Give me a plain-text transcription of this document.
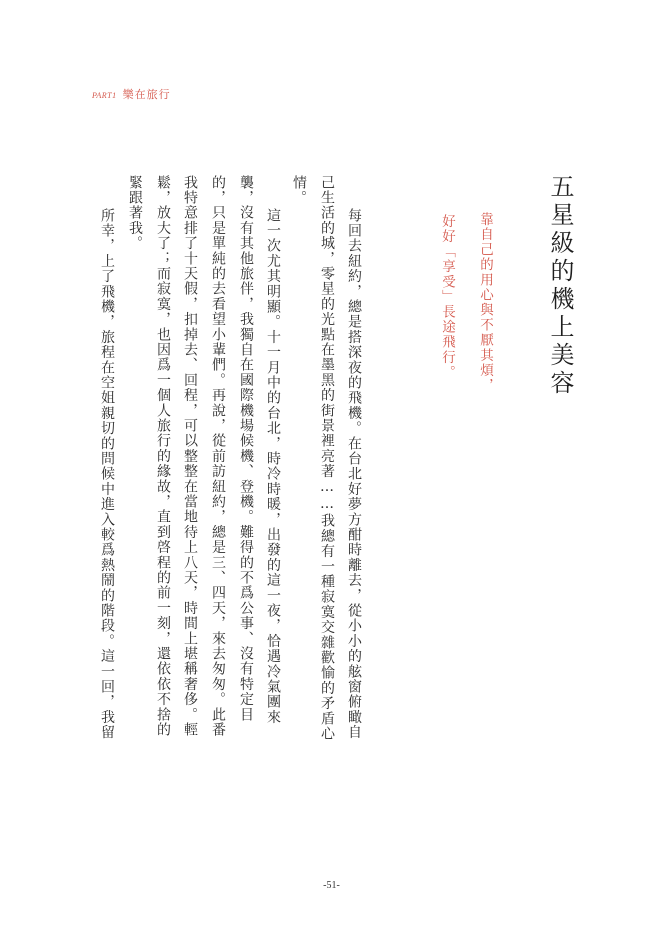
PART1 樂在旅行
五星級的機上美容
靠自己的用心與不厭其煩，
好好「享受」長途飛行。
每回去紐約，總是搭深夜的飛機。在台北好夢方酣時離去，從小小的舷窗俯瞰自
己生活的城，零星的光點在墨黑的街景裡亮著……我總有一種寂寞交雜歡愉的矛盾心
情。
這一次尤其明顯。十一月中的台北，時冷時暖，出發的這一夜，恰遇冷氣團來
襲，沒有其他旅伴，我獨自在國際機場候機、登機。難得的不爲公事、沒有特定目
的，只是單純的去看望小輩們。再說，從前訪紐約，總是三、四天，來去匆匆。此番
我特意排了十天假，扣掉去、回程，可以整整在當地待上八天，時間上堪稱奢侈。輕
鬆，放大了；而寂寞，也因爲一個人旅行的緣故，直到啓程的前一刻，還依依不捨的
緊跟著我。
所幸，上了飛機，旅程在空姐親切的問候中進入較爲熱鬧的階段。這一回，我留
-51-
